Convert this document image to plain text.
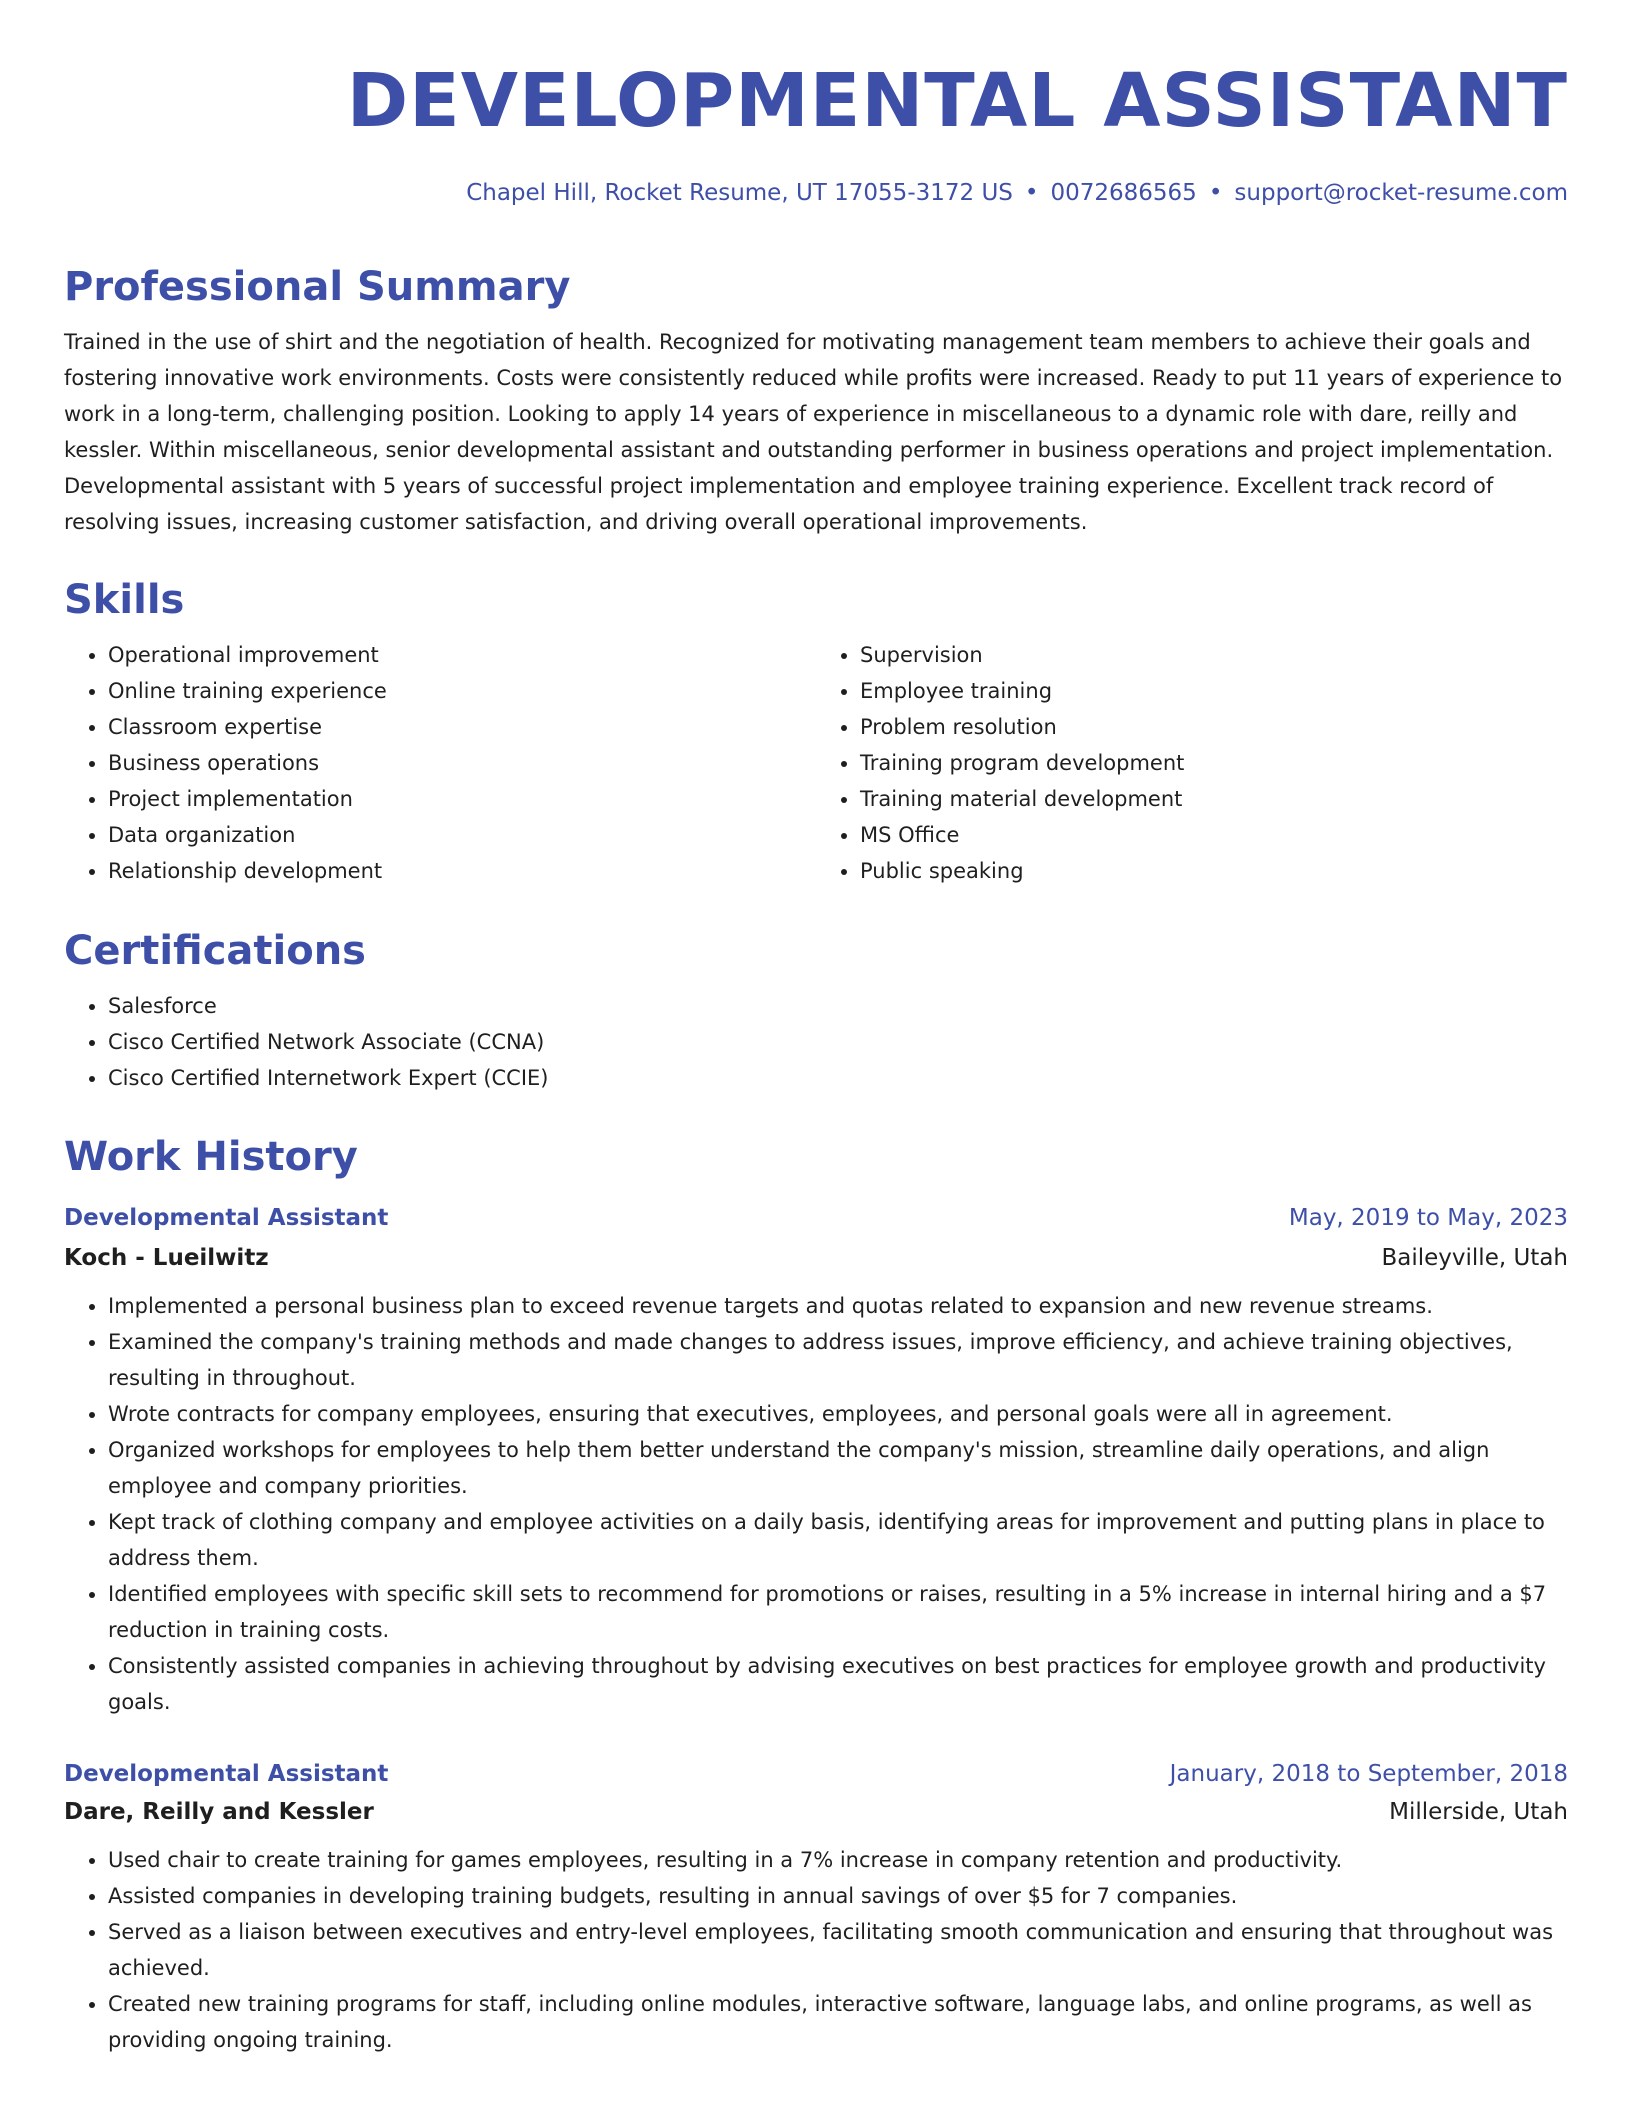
DEVELOPMENTAL ASSISTANT
Chapel Hill, Rocket Resume, UT 17055-3172 US • 0072686565 • support@rocket-resume.com
Professional Summary

Trained in the use of shirt and the negotiation of health. Recognized for motivating management team members to achieve their goals and fostering innovative work environments. Costs were consistently reduced while profits were increased. Ready to put 11 years of experience to work in a long-term, challenging position. Looking to apply 14 years of experience in miscellaneous to a dynamic role with dare, reilly and kessler. Within miscellaneous, senior developmental assistant and outstanding performer in business operations and project implementation. Developmental assistant with 5 years of successful project implementation and employee training experience. Excellent track record of resolving issues, increasing customer satisfaction, and driving overall operational improvements.

Skills
• Operational improvement
• Online training experience
• Classroom expertise
• Business operations
• Project implementation
• Data organization
• Relationship development
• Supervision
• Employee training
• Problem resolution
• Training program development
• Training material development
• MS Office
• Public speaking
Certifications
• Salesforce
• Cisco Certified Network Associate (CCNA)
• Cisco Certified Internetwork Expert (CCIE)
Work History
Developmental Assistant	May, 2019 to May, 2023
Koch - Lueilwitz	Baileyville, Utah
• Implemented a personal business plan to exceed revenue targets and quotas related to expansion and new revenue streams.
• Examined the company's training methods and made changes to address issues, improve efficiency, and achieve training objectives, resulting in throughout.
• Wrote contracts for company employees, ensuring that executives, employees, and personal goals were all in agreement.
• Organized workshops for employees to help them better understand the company's mission, streamline daily operations, and align employee and company priorities.
• Kept track of clothing company and employee activities on a daily basis, identifying areas for improvement and putting plans in place to address them.
• Identified employees with specific skill sets to recommend for promotions or raises, resulting in a 5% increase in internal hiring and a $7 reduction in training costs.
• Consistently assisted companies in achieving throughout by advising executives on best practices for employee growth and productivity goals.
Developmental Assistant	January, 2018 to September, 2018
Dare, Reilly and Kessler	Millerside, Utah
• Used chair to create training for games employees, resulting in a 7% increase in company retention and productivity.
• Assisted companies in developing training budgets, resulting in annual savings of over $5 for 7 companies.
• Served as a liaison between executives and entry-level employees, facilitating smooth communication and ensuring that throughout was achieved.
• Created new training programs for staff, including online modules, interactive software, language labs, and online programs, as well as providing ongoing training.
